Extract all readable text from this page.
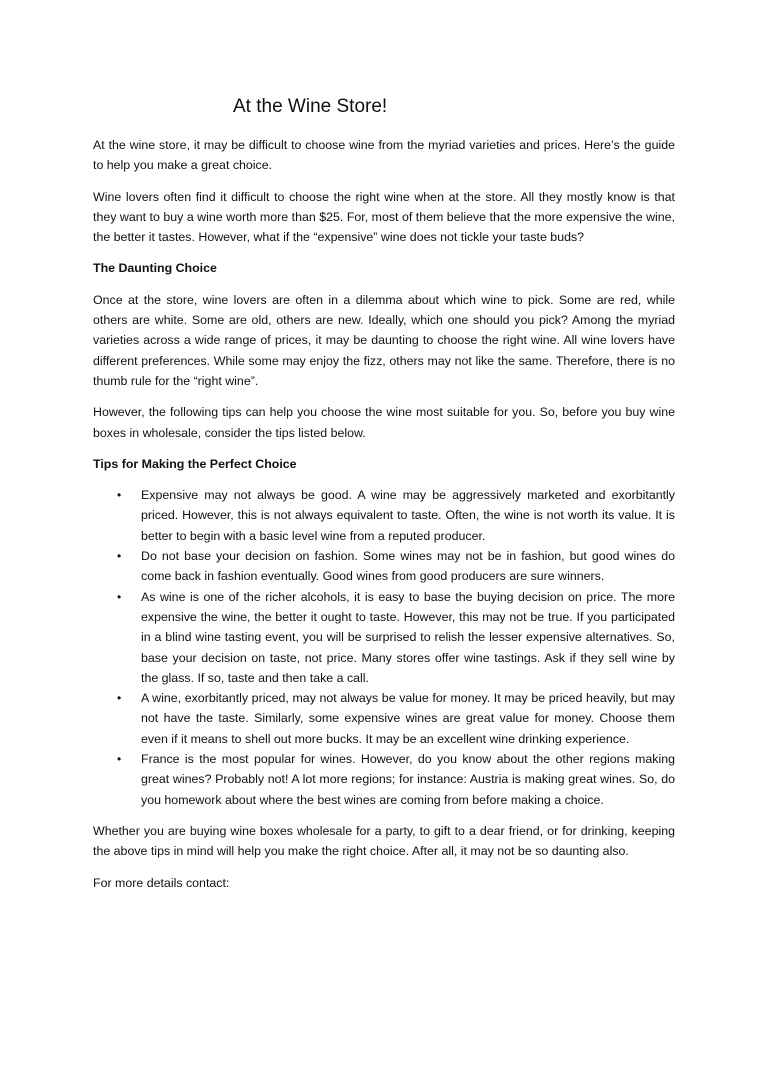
At the Wine Store!

At the wine store, it may be difficult to choose wine from the myriad varieties and prices. Here’s the guide to help you make a great choice.

Wine lovers often find it difficult to choose the right wine when at the store. All they mostly know is that they want to buy a wine worth more than $25. For, most of them believe that the more expensive the wine, the better it tastes. However, what if the “expensive” wine does not tickle your taste buds?

The Daunting Choice

Once at the store, wine lovers are often in a dilemma about which wine to pick. Some are red, while others are white. Some are old, others are new. Ideally, which one should you pick? Among the myriad varieties across a wide range of prices, it may be daunting to choose the right wine. All wine lovers have different preferences. While some may enjoy the fizz, others may not like the same. Therefore, there is no thumb rule for the “right wine”.

However, the following tips can help you choose the wine most suitable for you. So, before you buy wine boxes in wholesale, consider the tips listed below.

Tips for Making the Perfect Choice

• Expensive may not always be good. A wine may be aggressively marketed and exorbitantly priced. However, this is not always equivalent to taste. Often, the wine is not worth its value. It is better to begin with a basic level wine from a reputed producer.
• Do not base your decision on fashion. Some wines may not be in fashion, but good wines do come back in fashion eventually. Good wines from good producers are sure winners.
• As wine is one of the richer alcohols, it is easy to base the buying decision on price. The more expensive the wine, the better it ought to taste. However, this may not be true. If you participated in a blind wine tasting event, you will be surprised to relish the lesser expensive alternatives. So, base your decision on taste, not price. Many stores offer wine tastings. Ask if they sell wine by the glass. If so, taste and then take a call.
• A wine, exorbitantly priced, may not always be value for money. It may be priced heavily, but may not have the taste. Similarly, some expensive wines are great value for money. Choose them even if it means to shell out more bucks. It may be an excellent wine drinking experience.
• France is the most popular for wines. However, do you know about the other regions making great wines? Probably not! A lot more regions; for instance: Austria is making great wines. So, do you homework about where the best wines are coming from before making a choice.

Whether you are buying wine boxes wholesale for a party, to gift to a dear friend, or for drinking, keeping the above tips in mind will help you make the right choice. After all, it may not be so daunting also.

For more details contact:
